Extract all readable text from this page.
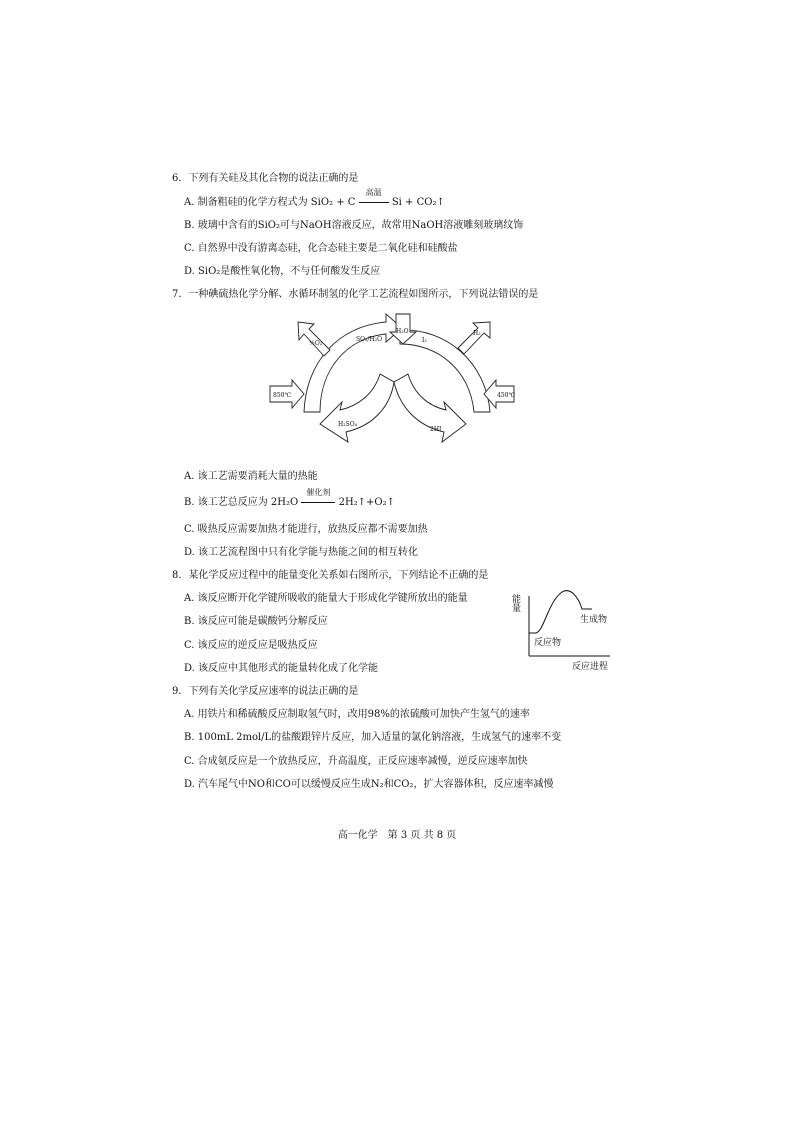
6．下列有关硅及其化合物的说法正确的是
A. 制备粗硅的化学方程式为 SiO₂ + C
高温
Si + CO₂↑
B. 玻璃中含有的SiO₂可与NaOH溶液反应，故常用NaOH溶液雕刻玻璃纹饰
C. 自然界中没有游离态硅，化合态硅主要是二氧化硅和硅酸盐
D. SiO₂是酸性氧化物，不与任何酸发生反应
7．一种碘硫热化学分解、水循环制氢的化学工艺流程如图所示，下列说法错误的是
½O₂
SO₂/H₂O
H₂O
I₂
H₂
850℃	450℃
H₂SO₄
2HI
A. 该工艺需要消耗大量的热能
B. 该工艺总反应为 2H₂O
催化剂
2H₂↑+O₂↑
C. 吸热反应需要加热才能进行，放热反应都不需要加热
D. 该工艺流程图中只有化学能与热能之间的相互转化
8．某化学反应过程中的能量变化关系如右图所示，下列结论不正确的是
A. 该反应断开化学键所吸收的能量大于形成化学键所放出的能量
B. 该反应可能是碳酸钙分解反应
C. 该反应的逆反应是吸热反应
D. 该反应中其他形式的能量转化成了化学能
能量
反应物
生成物
反应进程
9．下列有关化学反应速率的说法正确的是
A. 用铁片和稀硫酸反应制取氢气时，改用98%的浓硫酸可加快产生氢气的速率
B. 100mL 2mol/L的盐酸跟锌片反应，加入适量的氯化钠溶液，生成氢气的速率不变
C. 合成氨反应是一个放热反应，升高温度，正反应速率减慢，逆反应速率加快
D. 汽车尾气中NO和CO可以缓慢反应生成N₂和CO₂，扩大容器体积，反应速率减慢
高一化学　第 3 页 共 8 页
